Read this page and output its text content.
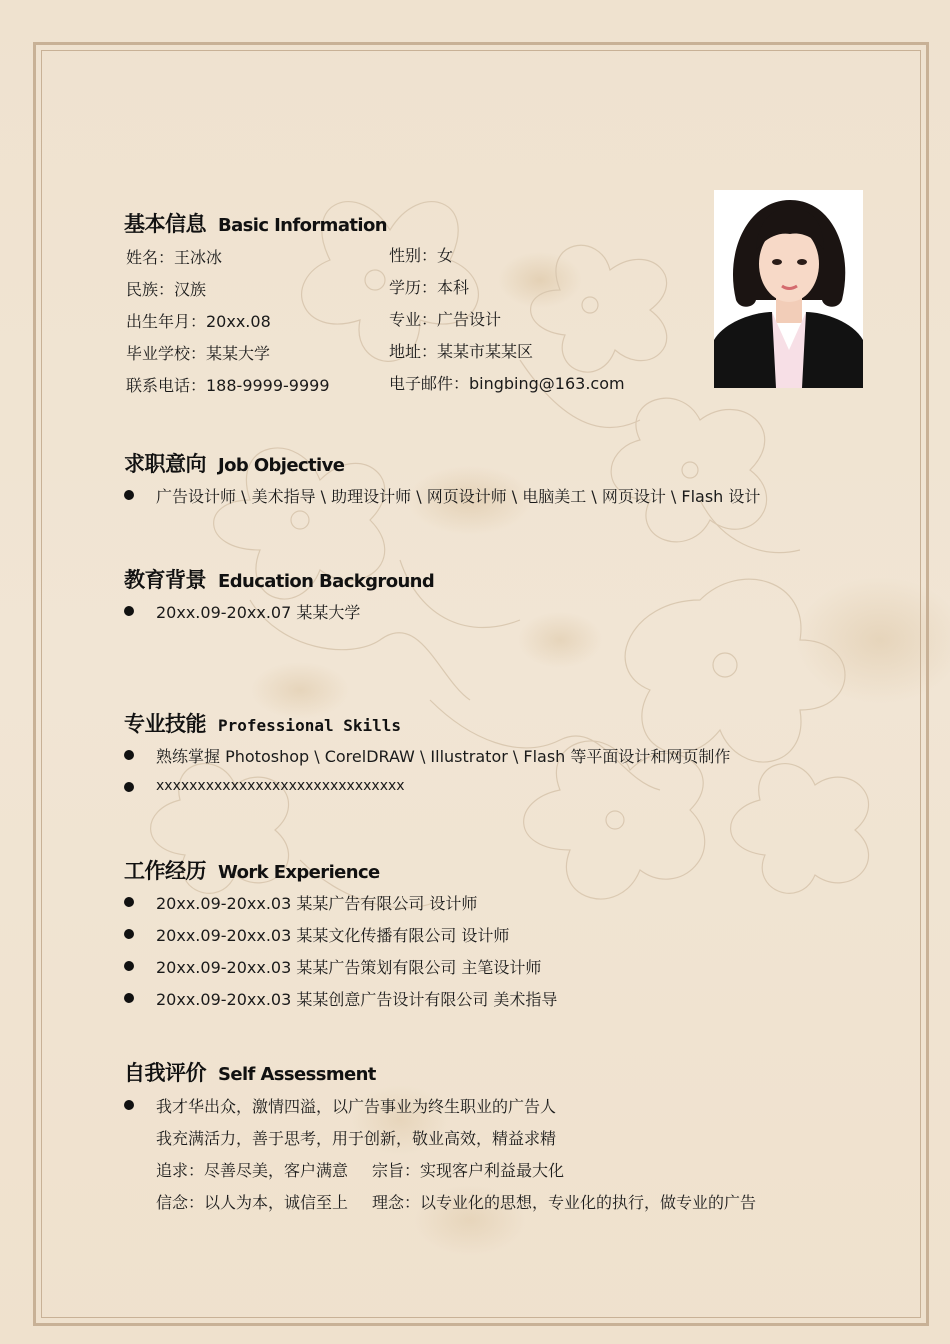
基本信息 Basic Information
姓名：王冰冰
民族：汉族
出生年月：20xx.08
毕业学校：某某大学
联系电话：188-9999-9999
性别：女
学历：本科
专业：广告设计
地址：某某市某某区
电子邮件：bingbing@163.com
求职意向 Job Objective
广告设计师 \ 美术指导 \ 助理设计师 \ 网页设计师 \ 电脑美工 \ 网页设计 \ Flash 设计
教育背景 Education Background
20xx.09-20xx.07 某某大学
专业技能 Professional Skills
熟练掌握 Photoshop \ CorelDRAW \ Illustrator \ Flash 等平面设计和网页制作
xxxxxxxxxxxxxxxxxxxxxxxxxxxxxx
工作经历 Work Experience
20xx.09-20xx.03 某某广告有限公司 设计师
20xx.09-20xx.03 某某文化传播有限公司 设计师
20xx.09-20xx.03 某某广告策划有限公司 主笔设计师
20xx.09-20xx.03 某某创意广告设计有限公司 美术指导
自我评价 Self Assessment
我才华出众，激情四溢，以广告事业为终生职业的广告人
我充满活力，善于思考，用于创新，敬业高效，精益求精
追求：尽善尽美，客户满意 宗旨：实现客户利益最大化
信念：以人为本，诚信至上 理念：以专业化的思想，专业化的执行，做专业的广告
